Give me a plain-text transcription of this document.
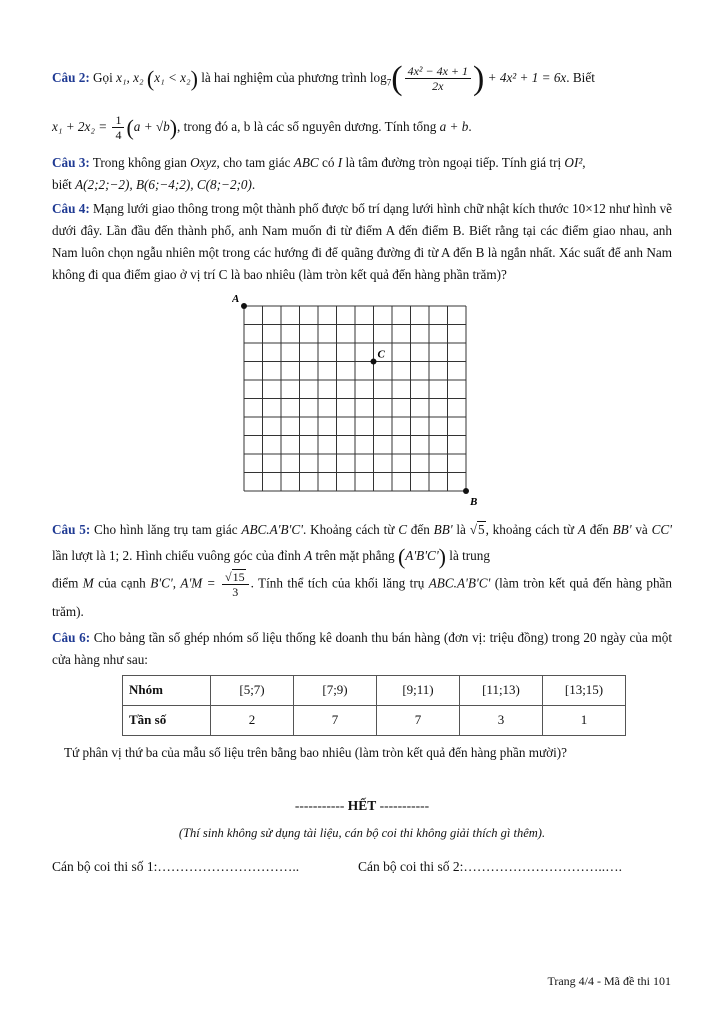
Câu 2: Gọi x₁, x₂ (x₁ < x₂) là hai nghiệm của phương trình $\log_7( \frac{\text{4x² − 4x + 1}}{2x}$ ) + 4x² + 1 = 6x. Biết
$x_1 + 2x_2 = \frac{1}{4} (a + √b)$, trong đó a, b là các số nguyên dương. Tính tổng a + b.

Câu 3: Trong không gian Oxyz, cho tam giác ABC có I là tâm đường tròn ngoại tiếp. Tính giá trị OI²,
biết A(2;2;−2), B(6;−4;2), C(8;−2;0).

Câu 4: Mạng lưới giao thông trong một thành phố được bố trí dạng lưới hình chữ nhật kích thước 10×12 như hình vẽ dưới đây. Lần đầu đến thành phố, anh Nam muốn đi từ điểm A đến điểm B. Biết rằng tại các điểm giao nhau, anh Nam luôn chọn ngẫu nhiên một trong các hướng đi để quãng đường đi từ A đến B là ngắn nhất. Xác suất để anh Nam không đi qua điểm giao ở vị trí C là bao nhiêu (làm tròn kết quả đến hàng phần trăm)?

A
B
C

Câu 5: Cho hình lăng trụ tam giác ABC.A'B'C'. Khoảng cách từ C đến BB' là √5, khoảng cách từ A đến BB' và CC' lần lượt là 1; 2. Hình chiếu vuông góc của đỉnh A trên mặt phẳng (A'B'C') là trung
điểm M của cạnh B'C', $A'M = \frac{√15}{3}$ . Tính thể tích của khối lăng trụ ABC.A'B'C' (làm tròn kết quả đến hàng phần trăm).

Câu 6: Cho bảng tần số ghép nhóm số liệu thống kê doanh thu bán hàng (đơn vị: triệu đồng) trong 20 ngày của một cửa hàng như sau:

Nhóm	[5;7)	[7;9)	[9;11)	[11;13)	[13;15)
Tần số	2	7	7	3	1

Tứ phân vị thứ ba của mẫu số liệu trên bằng bao nhiêu (làm tròn kết quả đến hàng phần mười)?

----------- HẾT -----------
(Thí sinh không sử dụng tài liệu, cán bộ coi thi không giải thích gì thêm).
Cán bộ coi thi số 1:…………………………..	Cán bộ coi thi số 2:…………………………..….
Trang 4/4 - Mã đề thi 101
